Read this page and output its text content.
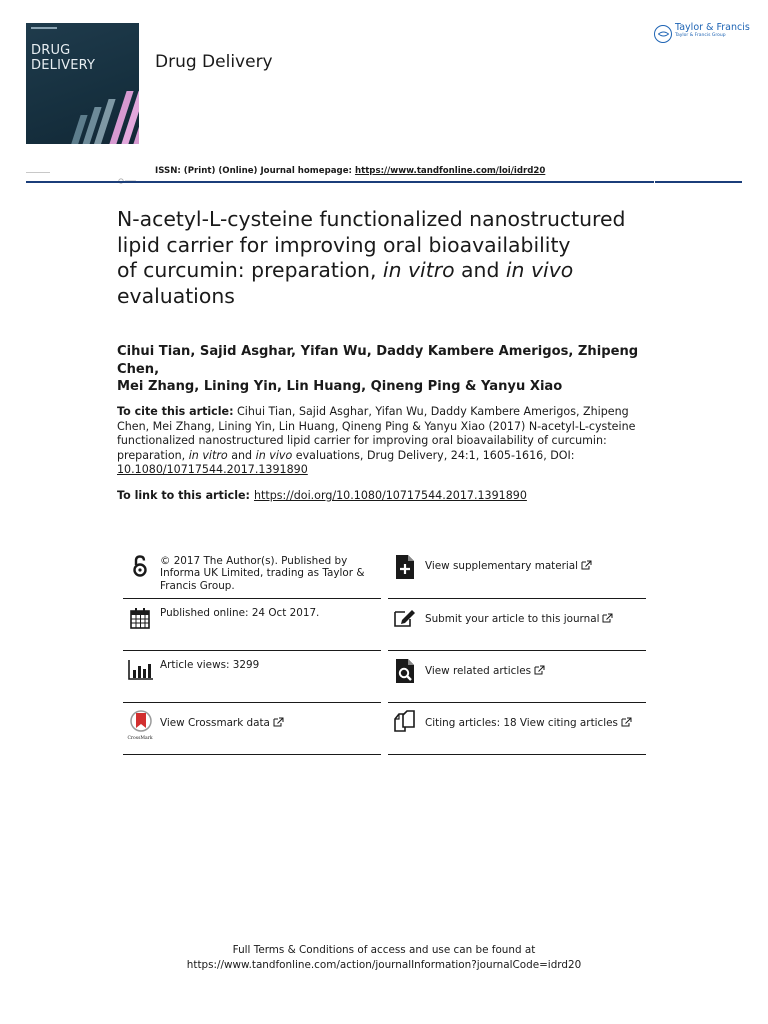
DRUG
DELIVERY	Drug Delivery
Taylor & Francis
Taylor & Francis Group
ISSN: (Print) (Online) Journal homepage: https://www.tandfonline.com/loi/idrd20
N-acetyl-L-cysteine functionalized nanostructured
lipid carrier for improving oral bioavailability
of curcumin: preparation, in vitro and in vivo
evaluations
Cihui Tian, Sajid Asghar, Yifan Wu, Daddy Kambere Amerigos, Zhipeng Chen,
Mei Zhang, Lining Yin, Lin Huang, Qineng Ping & Yanyu Xiao
To cite this article: Cihui Tian, Sajid Asghar, Yifan Wu, Daddy Kambere Amerigos, Zhipeng Chen, Mei Zhang, Lining Yin, Lin Huang, Qineng Ping & Yanyu Xiao (2017) N-acetyl-L-cysteine functionalized nanostructured lipid carrier for improving oral bioavailability of curcumin: preparation, in vitro and in vivo evaluations, Drug Delivery, 24:1, 1605-1616, DOI: 10.1080/10717544.2017.1391890
To link to this article: https://doi.org/10.1080/10717544.2017.1391890
© 2017 The Author(s). Published by Informa UK Limited, trading as Taylor & Francis Group.
Published online: 24 Oct 2017.
Article views: 3299
CrossMark
View Crossmark data
View supplementary material
Submit your article to this journal
View related articles
Citing articles: 18 View citing articles
Full Terms & Conditions of access and use can be found at
https://www.tandfonline.com/action/journalInformation?journalCode=idrd20
